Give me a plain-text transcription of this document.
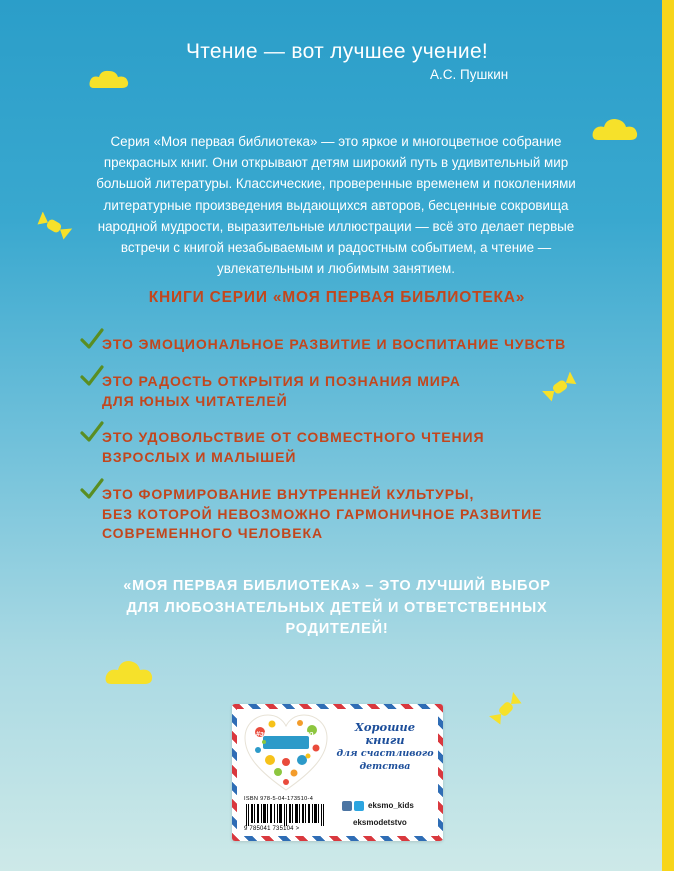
Чтение — вот лучшее учение!
А.С. Пушкин
Серия «Моя первая библиотека» — это яркое и многоцветное собрание
прекрасных книг. Они открывают детям широкий путь в удивительный мир
большой литературы. Классические, проверенные временем и поколениями
литературные произведения выдающихся авторов, бесценные сокровища
народной мудрости, выразительные иллюстрации — всё это делает первые
встречи с книгой незабываемым и радостным событием, а чтение —
увлекательным и любимым занятием.
КНИГИ СЕРИИ «МОЯ ПЕРВАЯ БИБЛИОТЕКА»
ЭТО ЭМОЦИОНАЛЬНОЕ РАЗВИТИЕ И ВОСПИТАНИЕ ЧУВСТВ
ЭТО РАДОСТЬ ОТКРЫТИЯ И ПОЗНАНИЯ МИРА
ДЛЯ ЮНЫХ ЧИТАТЕЛЕЙ
ЭТО УДОВОЛЬСТВИЕ ОТ СОВМЕСТНОГО ЧТЕНИЯ
ВЗРОСЛЫХ И МАЛЫШЕЙ
ЭТО ФОРМИРОВАНИЕ ВНУТРЕННЕЙ КУЛЬТУРЫ,
БЕЗ КОТОРОЙ НЕВОЗМОЖНО ГАРМОНИЧНОЕ РАЗВИТИЕ
СОВРЕМЕННОГО ЧЕЛОВЕКА
«МОЯ ПЕРВАЯ БИБЛИОТЕКА» – ЭТО ЛУЧШИЙ ВЫБОР
ДЛЯ ЛЮБОЗНАТЕЛЬНЫХ ДЕТЕЙ И ОТВЕТСТВЕННЫХ
РОДИТЕЛЕЙ!
#эксмодетство
Хорошие
книги
для счастливого
детства
ISBN 978-5-04-173510-4
9 785041 735104 >
eksmo_kids
eksmodetstvo
